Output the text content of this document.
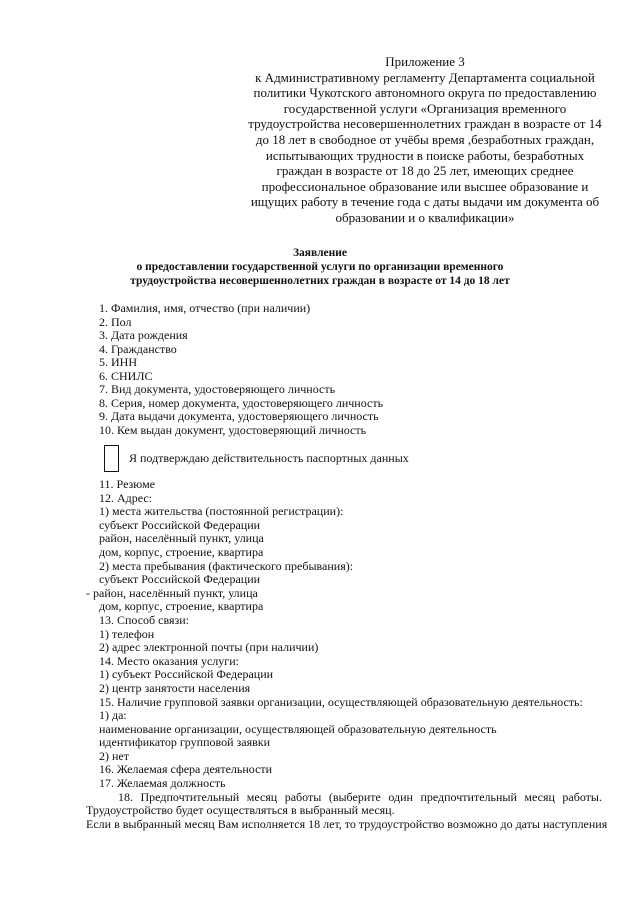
Приложение 3
к Административному регламенту Департамента социальной
политики Чукотского автономного округа по предоставлению
государственной услуги «Организация временного
трудоустройства несовершеннолетних граждан в возрасте от 14
до 18 лет в свободное от учёбы время ,безработных граждан,
испытывающих трудности в поиске работы, безработных
граждан в возрасте от 18 до 25 лет, имеющих среднее
профессиональное образование или высшее образование и
ищущих работу в течение года с даты выдачи им документа об
образовании и о квалификации»
Заявление
о предоставлении государственной услуги по организации временного
трудоустройства несовершеннолетних граждан в возрасте от 14 до 18 лет
1. Фамилия, имя, отчество (при наличии)
2. Пол
3. Дата рождения
4. Гражданство
5. ИНН
6. СНИЛС
7. Вид документа, удостоверяющего личность
8. Серия, номер документа, удостоверяющего личность
9. Дата выдачи документа, удостоверяющего личность
10. Кем выдан документ, удостоверяющий личность
Я подтверждаю действительность паспортных данных
11. Резюме
12. Адрес:
1) места жительства (постоянной регистрации):
субъект Российской Федерации
район, населённый пункт, улица
дом, корпус, строение, квартира
2) места пребывания (фактического пребывания):
субъект Российской Федерации
- район, населённый пункт, улица
дом, корпус, строение, квартира
13. Способ связи:
1) телефон
2) адрес электронной почты (при наличии)
14. Место оказания услуги:
1) субъект Российской Федерации
2) центр занятости населения
15. Наличие групповой заявки организации, осуществляющей образовательную деятельность:
1) да:
наименование организации, осуществляющей образовательную деятельность
идентификатор групповой заявки
2) нет
16. Желаемая сфера деятельности
17. Желаемая должность
18. Предпочтительный месяц работы (выберите один предпочтительный месяц работы.
Трудоустройство будет осуществляться в выбранный месяц.
Если в выбранный месяц Вам исполняется 18 лет, то трудоустройство возможно до даты наступления
